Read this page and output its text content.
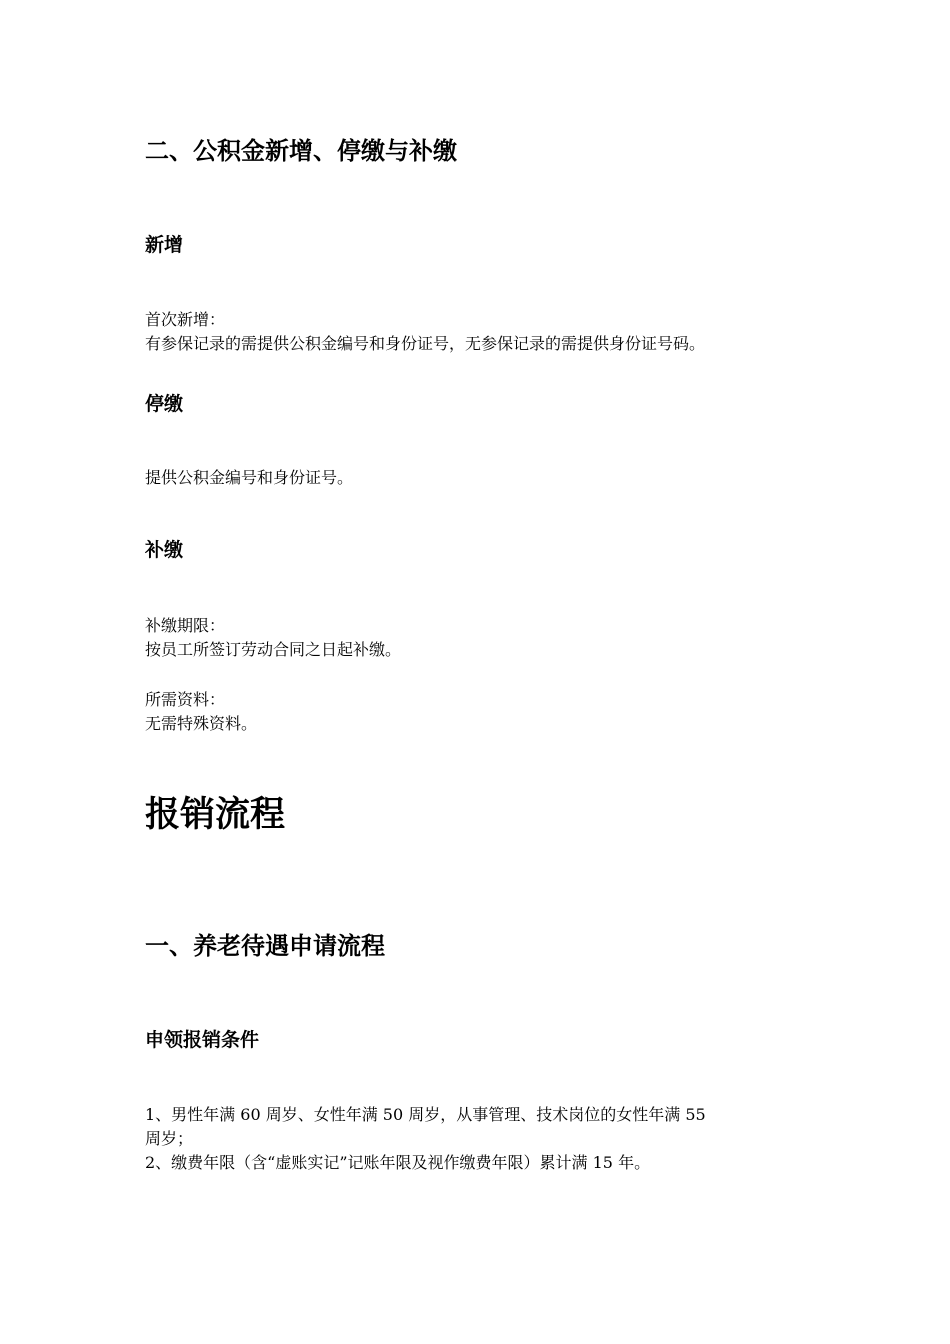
二、公积金新增、停缴与补缴
新增

首次新增：
有参保记录的需提供公积金编号和身份证号，无参保记录的需提供身份证号码。

停缴

提供公积金编号和身份证号。

补缴

补缴期限：
按员工所签订劳动合同之日起补缴。

所需资料：
无需特殊资料。

报销流程
一、养老待遇申请流程
申领报销条件

1、男性年满 60 周岁、女性年满 50 周岁，从事管理、技术岗位的女性年满 55
周岁；
2、缴费年限（含“虚账实记”记账年限及视作缴费年限）累计满 15 年。
